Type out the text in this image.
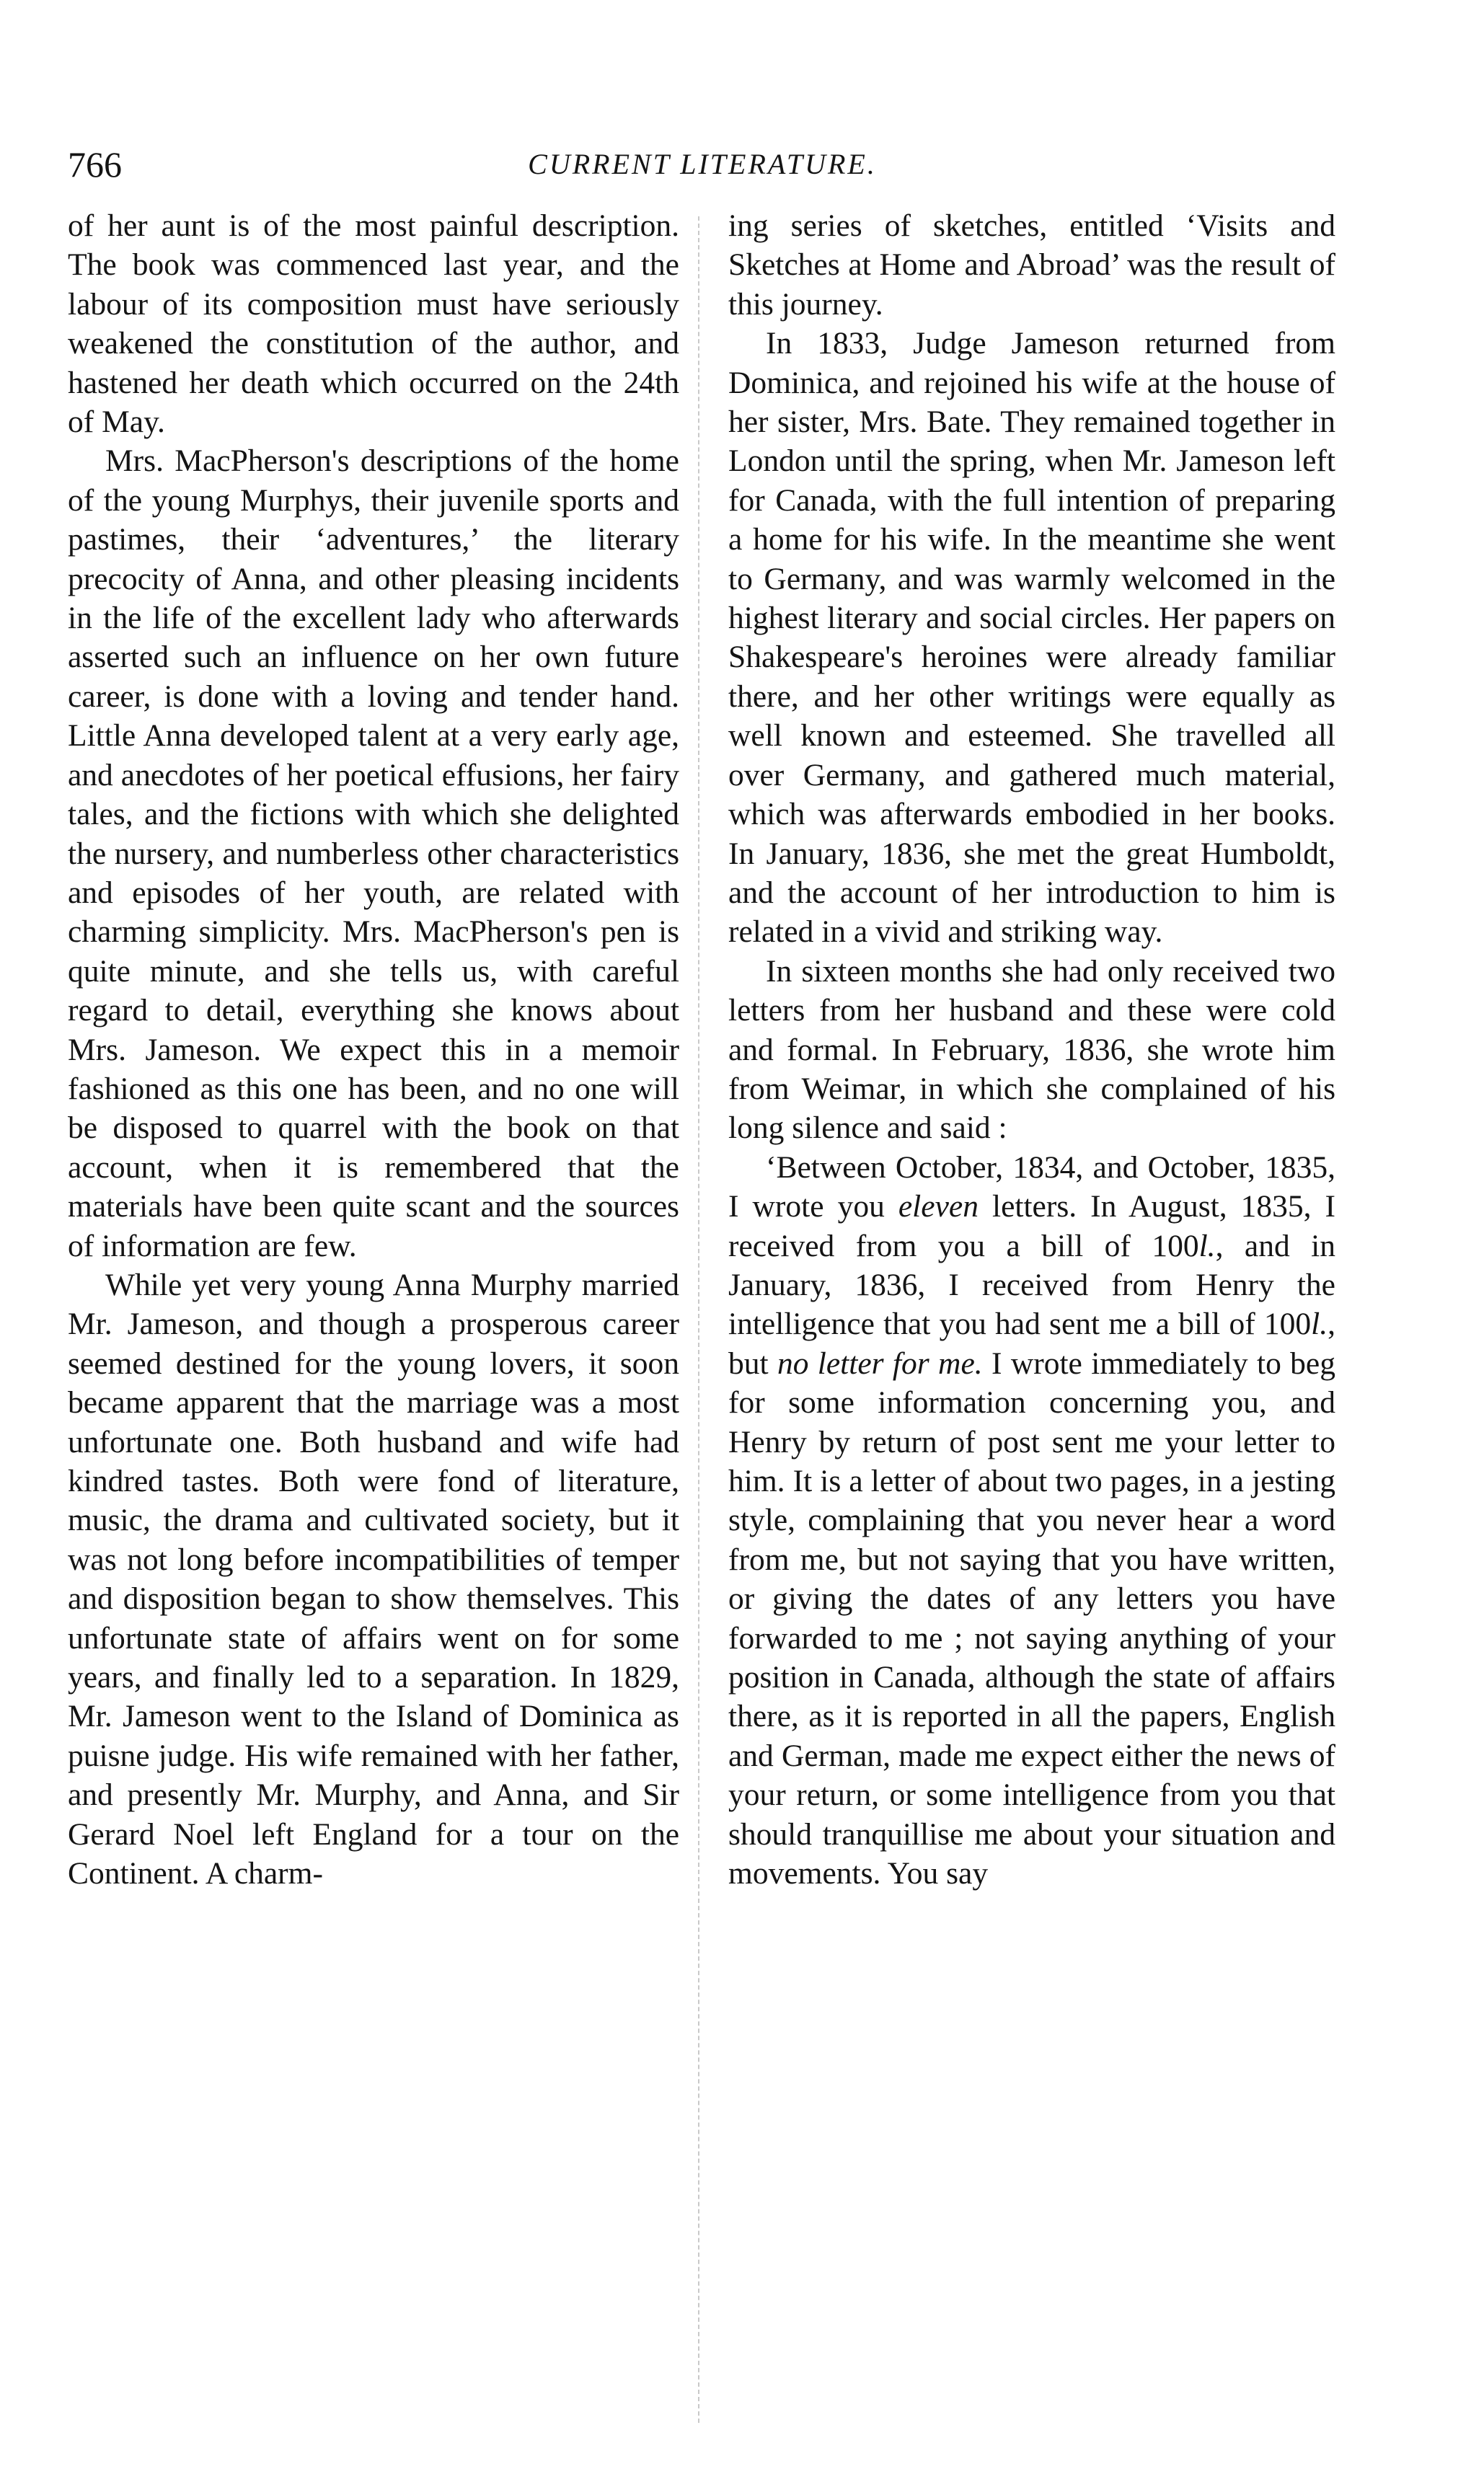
766	CURRENT LITERATURE.

of her aunt is of the most painful description. The book was commenced last year, and the labour of its composition must have seriously weakened the constitution of the author, and hastened her death which occurred on the 24th of May.

Mrs. MacPherson's descriptions of the home of the young Murphys, their juvenile sports and pastimes, their ‘adventures,’ the literary precocity of Anna, and other pleasing incidents in the life of the excellent lady who afterwards asserted such an influence on her own future career, is done with a loving and tender hand. Little Anna developed talent at a very early age, and anecdotes of her poetical effusions, her fairy tales, and the fictions with which she delighted the nursery, and numberless other characteristics and episodes of her youth, are related with charming simplicity. Mrs. MacPherson's pen is quite minute, and she tells us, with careful regard to detail, everything she knows about Mrs. Jameson. We expect this in a memoir fashioned as this one has been, and no one will be disposed to quarrel with the book on that account, when it is remembered that the materials have been quite scant and the sources of information are few.

While yet very young Anna Murphy married Mr. Jameson, and though a prosperous career seemed destined for the young lovers, it soon became apparent that the marriage was a most unfortunate one. Both husband and wife had kindred tastes. Both were fond of literature, music, the drama and cultivated society, but it was not long before incompatibilities of temper and disposition began to show themselves. This unfortunate state of affairs went on for some years, and finally led to a separation. In 1829, Mr. Jameson went to the Island of Dominica as puisne judge. His wife remained with her father, and presently Mr. Murphy, and Anna, and Sir Gerard Noel left England for a tour on the Continent. A charm-

ing series of sketches, entitled ‘Visits and Sketches at Home and Abroad’ was the result of this journey.

In 1833, Judge Jameson returned from Dominica, and rejoined his wife at the house of her sister, Mrs. Bate. They remained together in London until the spring, when Mr. Jameson left for Canada, with the full intention of preparing a home for his wife. In the meantime she went to Germany, and was warmly welcomed in the highest literary and social circles. Her papers on Shakespeare's heroines were already familiar there, and her other writings were equally as well known and esteemed. She travelled all over Germany, and gathered much material, which was afterwards embodied in her books. In January, 1836, she met the great Humboldt, and the account of her introduction to him is related in a vivid and striking way.

In sixteen months she had only received two letters from her husband and these were cold and formal. In February, 1836, she wrote him from Weimar, in which she complained of his long silence and said :

‘Between October, 1834, and October, 1835, I wrote you eleven letters. In August, 1835, I received from you a bill of 100l., and in January, 1836, I received from Henry the intelligence that you had sent me a bill of 100l., but no letter for me. I wrote immediately to beg for some information concerning you, and Henry by return of post sent me your letter to him. It is a letter of about two pages, in a jesting style, complaining that you never hear a word from me, but not saying that you have written, or giving the dates of any letters you have forwarded to me ; not saying anything of your position in Canada, although the state of affairs there, as it is reported in all the papers, English and German, made me expect either the news of your return, or some intelligence from you that should tranquillise me about your situation and movements. You say
